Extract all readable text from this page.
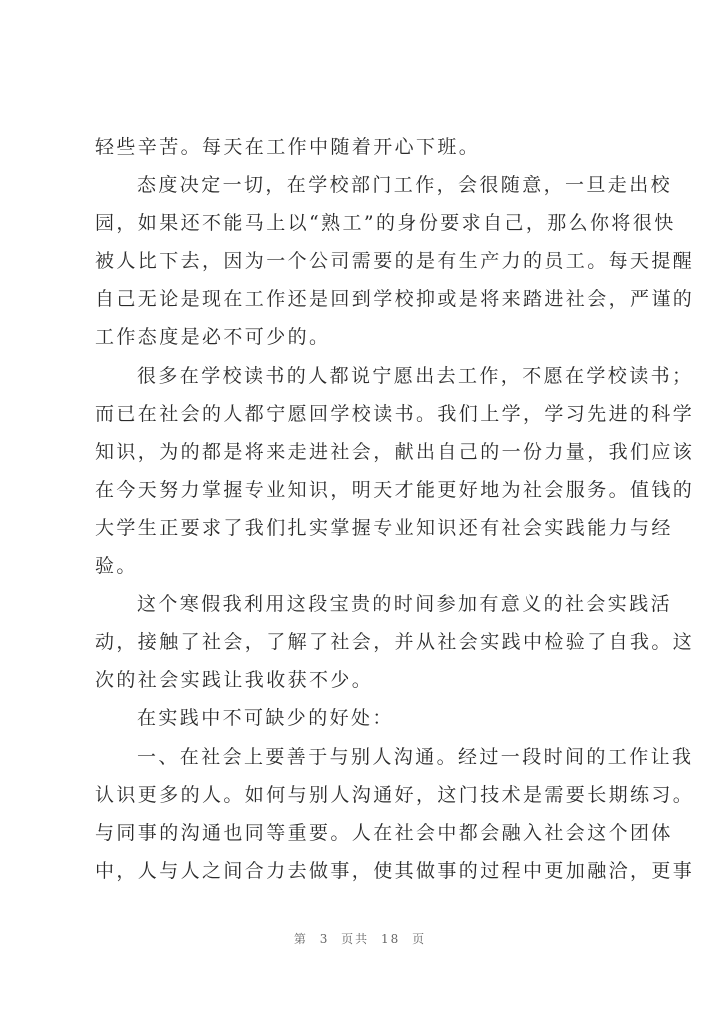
轻些辛苦。每天在工作中随着开心下班。
态度决定一切，在学校部门工作，会很随意，一旦走出校
园，如果还不能马上以“熟工”的身份要求自己，那么你将很快
被人比下去，因为一个公司需要的是有生产力的员工。每天提醒
自己无论是现在工作还是回到学校抑或是将来踏进社会，严谨的
工作态度是必不可少的。
很多在学校读书的人都说宁愿出去工作，不愿在学校读书；
而已在社会的人都宁愿回学校读书。我们上学，学习先进的科学
知识，为的都是将来走进社会，献出自己的一份力量，我们应该
在今天努力掌握专业知识，明天才能更好地为社会服务。值钱的
大学生正要求了我们扎实掌握专业知识还有社会实践能力与经
验。
这个寒假我利用这段宝贵的时间参加有意义的社会实践活
动，接触了社会，了解了社会，并从社会实践中检验了自我。这
次的社会实践让我收获不少。
在实践中不可缺少的好处：
一、在社会上要善于与别人沟通。经过一段时间的工作让我
认识更多的人。如何与别人沟通好，这门技术是需要长期练习。
与同事的沟通也同等重要。人在社会中都会融入社会这个团体
中，人与人之间合力去做事，使其做事的过程中更加融洽，更事
第 3 页共 18 页
